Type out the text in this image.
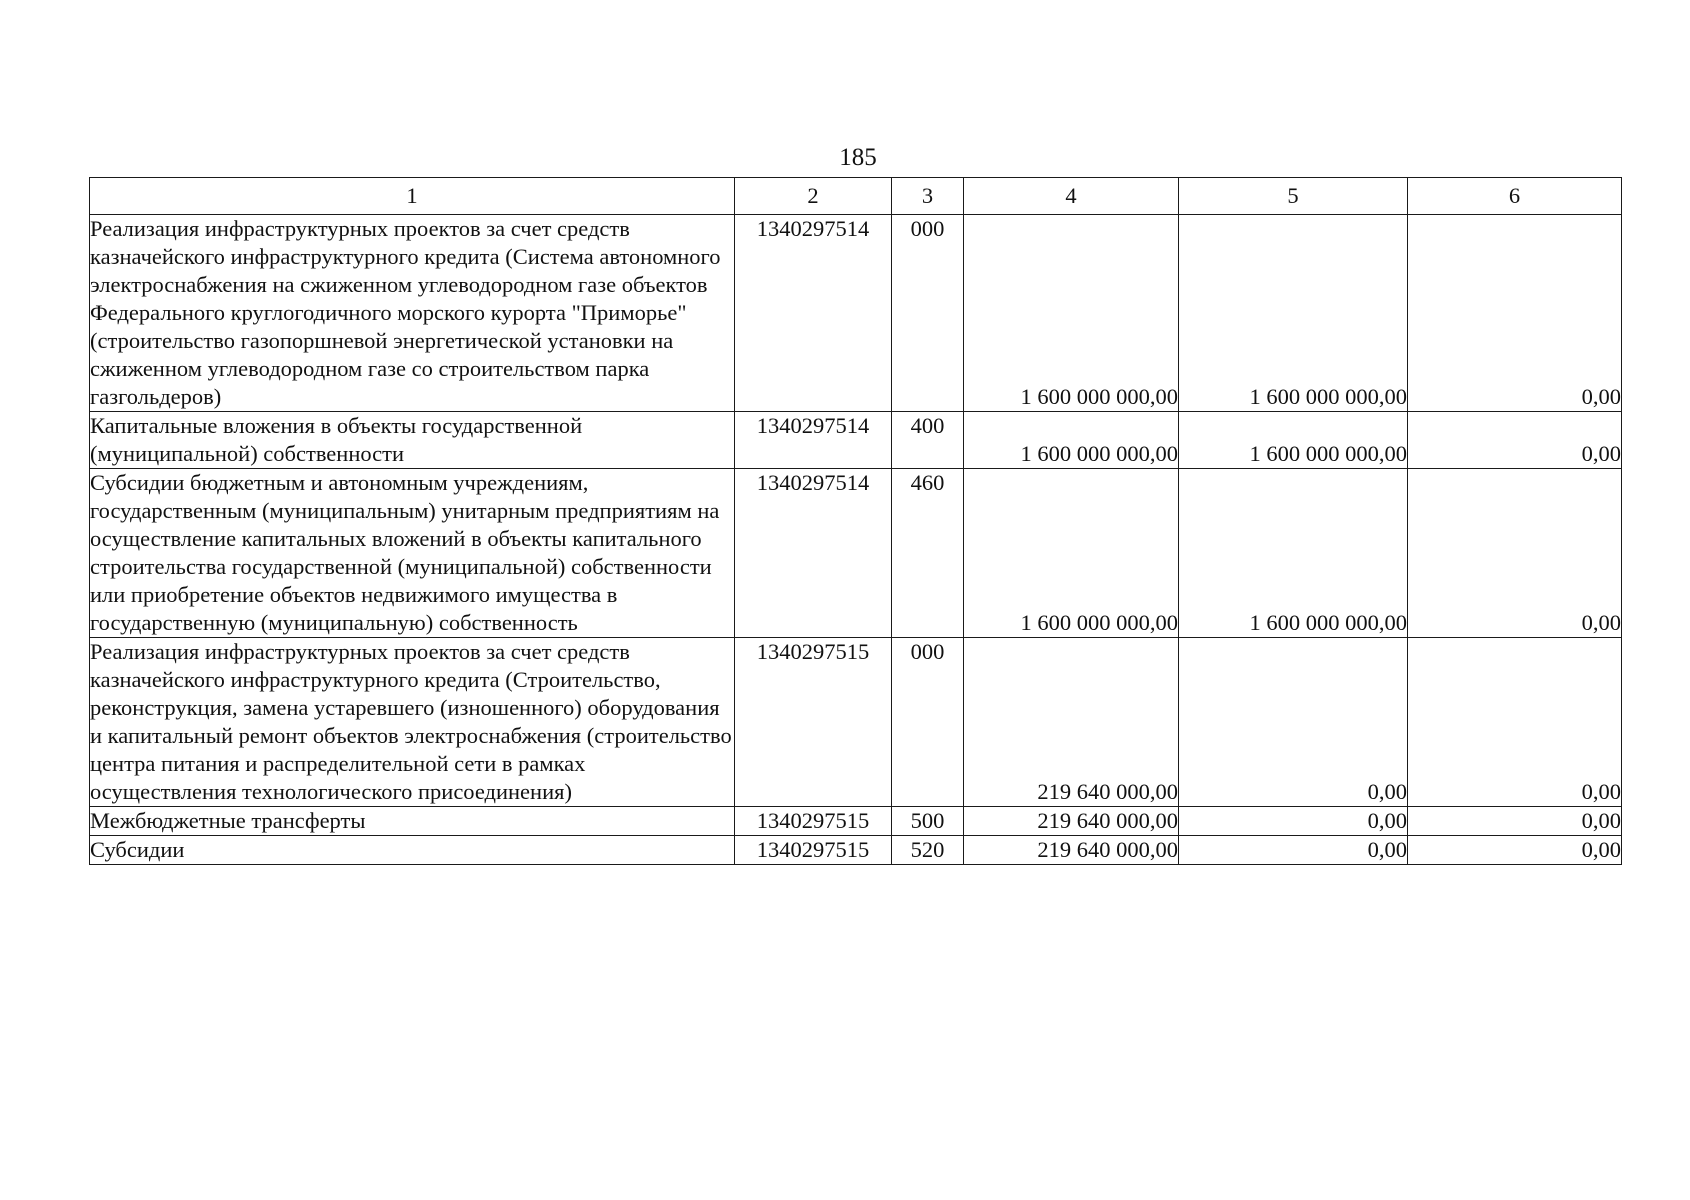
185
1	2	3	4	5	6
Реализация инфраструктурных проектов за счет средств казначейского инфраструктурного кредита (Система автономного электроснабжения на сжиженном углеводородном газе объектов Федерального круглогодичного морского курорта "Приморье" (строительство газопоршневой энергетической установки на сжиженном углеводородном газе со строительством парка газгольдеров)	1340297514	000	1 600 000 000,00	1 600 000 000,00	0,00
Капитальные вложения в объекты государственной (муниципальной) собственности	1340297514	400	1 600 000 000,00	1 600 000 000,00	0,00
Субсидии бюджетным и автономным учреждениям, государственным (муниципальным) унитарным предприятиям на осуществление капитальных вложений в объекты капитального строительства государственной (муниципальной) собственности или приобретение объектов недвижимого имущества в государственную (муниципальную) собственность	1340297514	460	1 600 000 000,00	1 600 000 000,00	0,00
Реализация инфраструктурных проектов за счет средств казначейского инфраструктурного кредита (Строительство, реконструкция, замена устаревшего (изношенного) оборудования и капитальный ремонт объектов электроснабжения (строительство центра питания и распределительной сети в рамках осуществления технологического присоединения)	1340297515	000	219 640 000,00	0,00	0,00
Межбюджетные трансферты	1340297515	500	219 640 000,00	0,00	0,00
Субсидии	1340297515	520	219 640 000,00	0,00	0,00
